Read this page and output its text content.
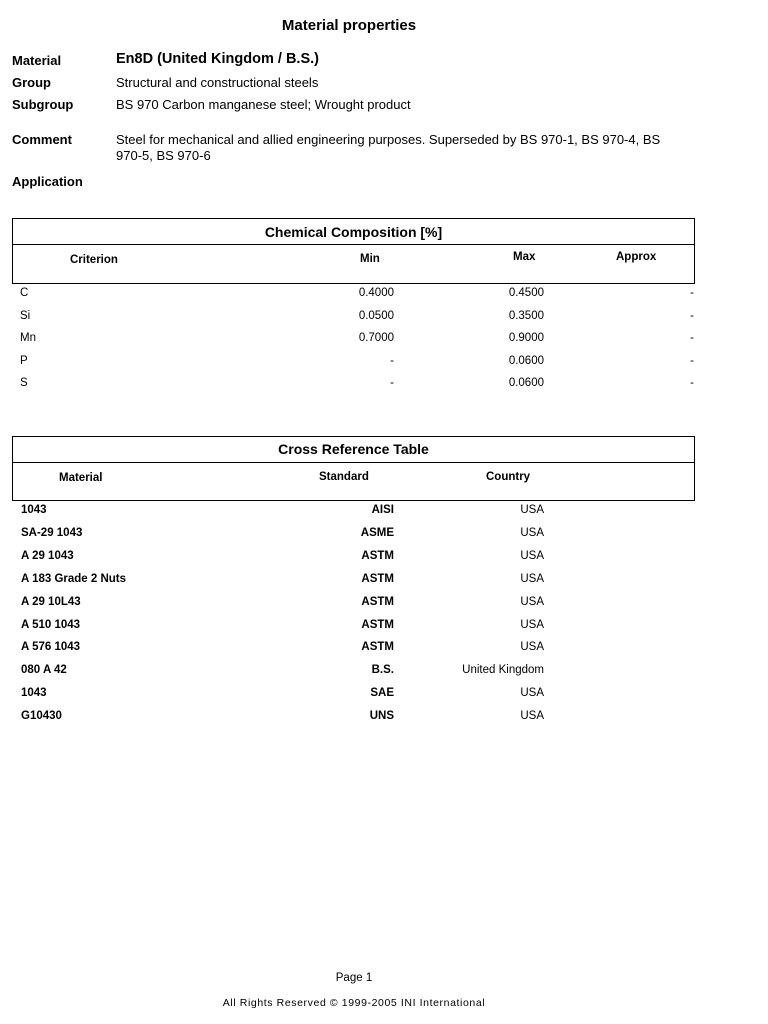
Material properties
Material	En8D (United Kingdom / B.S.)
Group	Structural and constructional steels
Subgroup	BS 970 Carbon manganese steel; Wrought product
Comment	Steel for mechanical and allied engineering purposes. Superseded by BS 970-1, BS 970-4, BS 970-5, BS 970-6
Application
Chemical Composition [%]
Criterion	Min	Max	Approx
C	0.4000	0.4500	-
Si	0.0500	0.3500	-
Mn	0.7000	0.9000	-
P	-	0.0600	-
S	-	0.0600	-
Cross Reference Table
Material	Standard	Country
1043	AISI	USA
SA-29 1043	ASME	USA
A 29 1043	ASTM	USA
A 183 Grade 2 Nuts	ASTM	USA
A 29 10L43	ASTM	USA
A 510 1043	ASTM	USA
A 576 1043	ASTM	USA
080 A 42	B.S.	United Kingdom
1043	SAE	USA
G10430	UNS	USA
Page 1
All Rights Reserved © 1999-2005 INI International
